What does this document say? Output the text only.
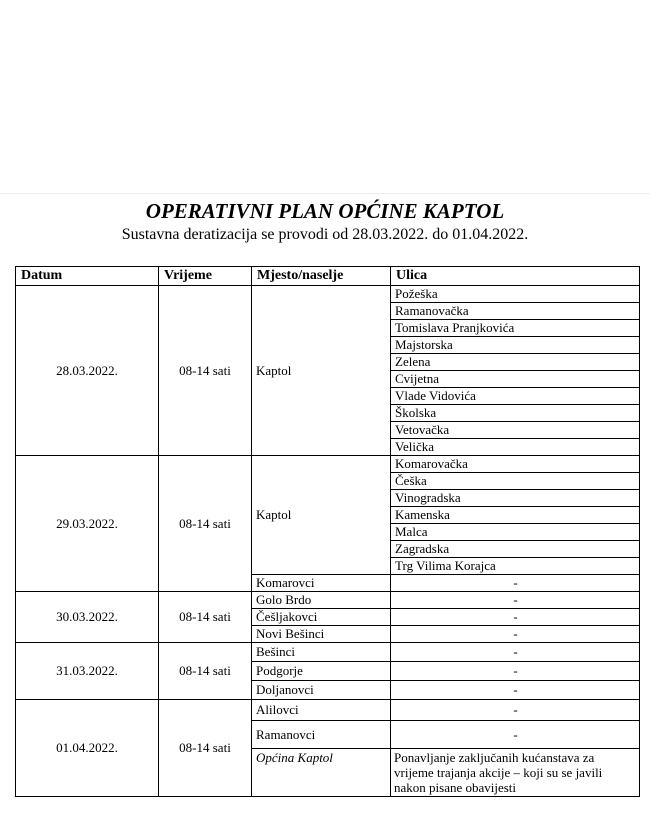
OPERATIVNI PLAN OPĆINE KAPTOL
Sustavna deratizacija se provodi od 28.03.2022. do 01.04.2022.
Datum	Vrijeme	Mjesto/naselje	Ulica
28.03.2022.	08-14 sati	Kaptol	Požeška
			Ramanovačka
			Tomislava Pranjkovića
			Majstorska
			Zelena
			Cvijetna
			Vlade Vidovića
			Školska
			Vetovačka
			Velička
29.03.2022.	08-14 sati	Kaptol	Komarovačka
			Češka
			Vinogradska
			Kamenska
			Malca
			Zagradska
			Trg Vilima Korajca
		Komarovci	-
30.03.2022.	08-14 sati	Golo Brdo	-
		Češljakovci	-
		Novi Bešinci	-
31.03.2022.	08-14 sati	Bešinci	-
		Podgorje	-
		Doljanovci	-
01.04.2022.	08-14 sati	Alilovci	-
		Ramanovci	-
		Općina Kaptol	Ponavljanje zaključanih kućanstava za vrijeme trajanja akcije – koji su se javili nakon pisane obavijesti
